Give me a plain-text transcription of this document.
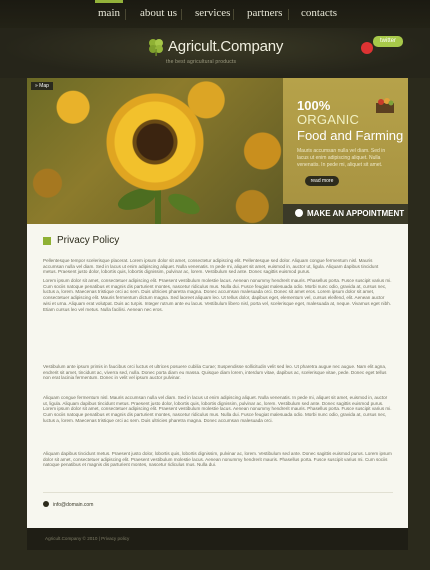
main about us services partners contacts
Agricult.Company
the best agricultural products
twitter
» Map
100%
ORGANIC
Food and Farming
Mauris accumsan nulla vel diam. Sed in lacus ut enim adipiscing aliquet. Nulla venenatis. In pede mi, aliquet sit amet.
read more
MAKE AN APPOINTMENT
Privacy Policy
Pellentesque tempor scelerisque placerat. Lorem ipsum dolor sit amet, consectetur adipiscing elit. Pellentesque sed dolor. Aliquam congue fermentum nisl. Mauris accumsan nulla vel diam. Sed in lacus ut enim adipiscing aliquet. Nulla venenatis. In pede mi, aliquet sit amet, euismod in, auctor ut, ligula. Aliquam dapibus tincidunt metus. Praesent justo dolor, lobortis quis, lobortis dignissim, pulvinar ac, lorem. Vestibulum sed ante. Donec sagittis euismod purus.
Lorem ipsum dolor sit amet, consectetuer adipiscing elit. Praesent vestibulum molestie lacus. Aenean nonummy hendrerit mauris. Phasellus porta. Fusce suscipit varius mi. Cum sociis natoque penatibus et magnis dis parturient montes, nascetur ridiculus mus. Nulla dui. Fusce feugiat malesuada odio. Morbi nunc odio, gravida at, cursus nec, luctus a, lorem. Maecenas tristique orci ac sem. Duis ultricies pharetra magna. Donec accumsan malesuada orci. Donec sit amet eros. Lorem ipsum dolor sit amet, consectetuer adipiscing elit. Mauris fermentum dictum magna. Sed laoreet aliquam leo. Ut tellus dolor, dapibus eget, elementum vel, cursus eleifend, elit. Aenean auctor wisi et urna. Aliquam erat volutpat. Duis ac turpis. Integer rutrum ante eu lacus. Vestibulum libero nisl, porta vel, scelerisque eget, malesuada at, neque. Vivamus eget nibh. Etiam cursus leo vel metus. Nulla facilisi. Aenean nec eros.
Vestibulum ante ipsum primis in faucibus orci luctus et ultrices posuere cubilia Curae; Suspendisse sollicitudin velit sed leo. Ut pharetra augue nec augue. Nam elit agna, endrerit sit amet, tincidunt ac, viverra sed, nulla. Donec porta diam eu massa. Quisque diam lorem, interdum vitae, dapibus ac, scelerisque vitae, pede. Donec eget tellus non erat lacinia fermentum. Donec in velit vel ipsum auctor pulvinar.
Aliquam congue fermentum nisl. Mauris accumsan nulla vel diam. Sed in lacus ut enim adipiscing aliquet. Nulla venenatis. In pede mi, aliquet sit amet, euismod in, auctor ut, ligula. Aliquam dapibus tincidunt metus. Praesent justo dolor, lobortis quis, lobortis dignissim, pulvinar ac, lorem. Vestibulum sed ante. Donec sagittis euismod purus. Lorem ipsum dolor sit amet, consectetuer adipiscing elit. Praesent vestibulum molestie lacus. Aenean nonummy hendrerit mauris. Phasellus porta. Fusce suscipit varius mi. Cum sociis natoque penatibus et magnis dis parturient montes, nascetur ridiculus mus. Nulla dui. Fusce feugiat malesuada odio. Morbi nunc odio, gravida at, cursus nec, luctus a, lorem. Maecenas tristique orci ac sem. Duis ultricies pharetra magna. Donec accumsan malesuada orci.
Aliquam dapibus tincidunt metus. Praesent justo dolor, lobortis quis, lobortis dignissim, pulvinar ac, lorem. Vestibulum sed ante. Donec sagittis euismod purus. Lorem ipsum dolor sit amet, consectetuer adipiscing elit. Praesent vestibulum molestie lacus. Aenean nonummy hendrerit mauris. Phasellus porta. Fusce suscipit varius mi. Cum sociis natoque penatibus et magnis dis parturient montes, nascetur ridiculus mus. Nulla dui.
info@domain.com
Agricult.Company © 2010 | Privacy policy
